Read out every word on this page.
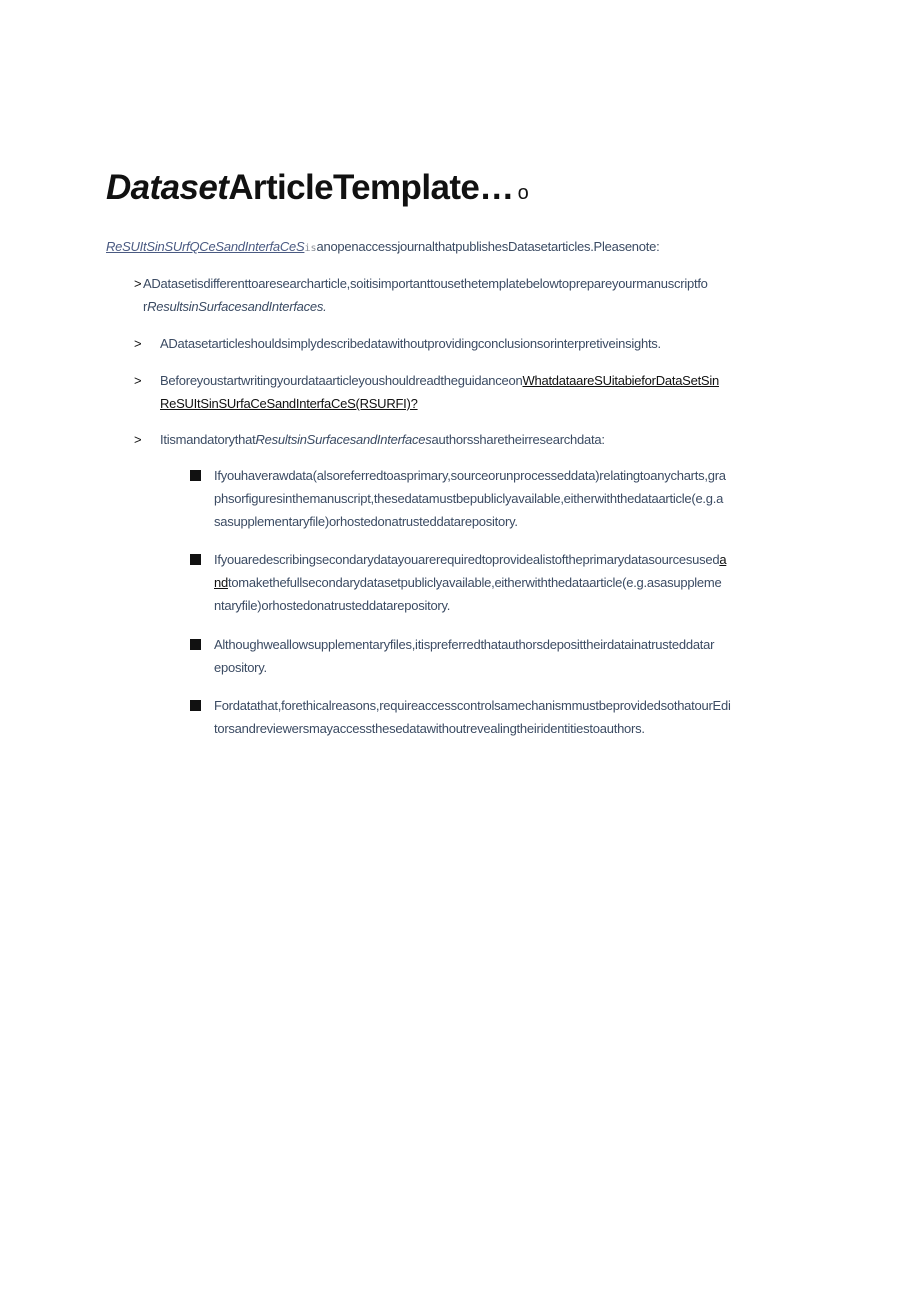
DatasetArticleTemplate… o
ReSUItSinSUrfQCeSandInterfaCeSisanopenaccessjournalthatpublishesDatasetarticles.Pleasenote:
> ADatasetisdifferenttoaresearcharticle,soitisimportanttousethetemplatebelowtoprepareyourmanuscriptfo
rResultsinSurfacesandInterfaces.
> ADatasetarticleshouldsimplydescribedatawithoutprovidingconclusionsorinterpretiveinsights.
> BeforeyoustartwritingyourdataarticleyoushouldreadtheguidanceonWhatdataareSUitabieforDataSetSin
ReSUItSinSUrfaCeSandInterfaCeS(RSURFI)?
> ItismandatorythatResultsinSurfacesandInterfacesauthorssharetheirresearchdata:
Ifyouhaverawdata(alsoreferredtoasprimary,sourceorunprocesseddata)relatingtoanycharts,gra
phsorfiguresinthemanuscript,thesedatamustbepubliclyavailable,eitherwiththedataarticle(e.g.a
sasupplementaryfile)orhostedonatrusteddatarepository.
Ifyouaredescribingsecondarydatayouarerequiredtoprovidealistoftheprimarydatasourcesuseda
ndtomakethefullsecondarydatasetpubliclyavailable,eitherwiththedataarticle(e.g.asasuppleme
ntaryfile)orhostedonatrusteddatarepository.
Althoughweallowsupplementaryfiles,itispreferredthatauthorsdeposittheirdatainatrusteddatar
epository.
Fordatathat,forethicalreasons,requireaccesscontrolsamechanismmustbeprovidedsothatourEdi
torsandreviewersmayaccessthesedatawithoutrevealingtheiridentitiestoauthors.
